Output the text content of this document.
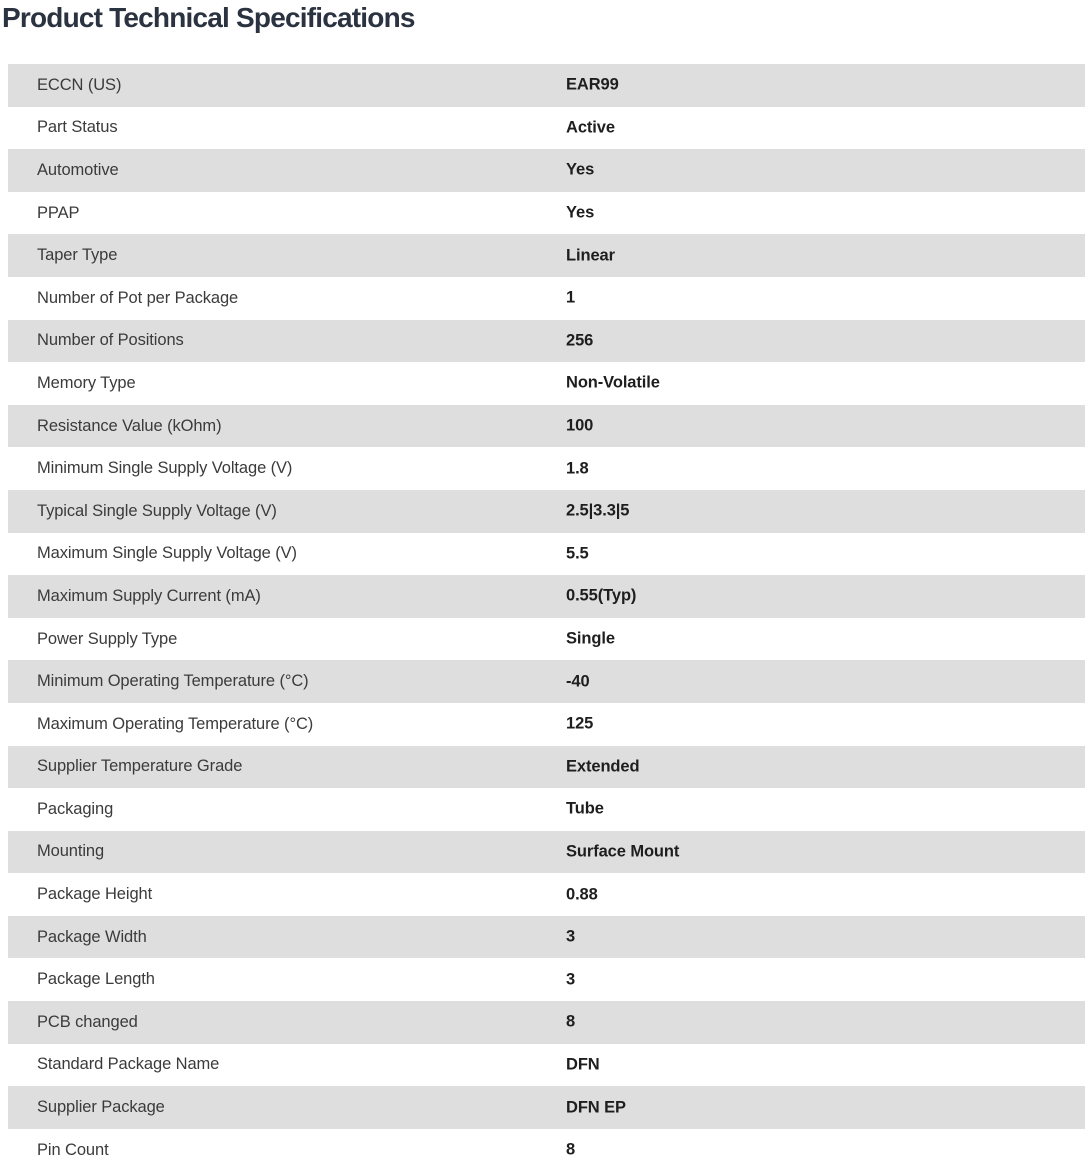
Product Technical Specifications
ECCN (US)	EAR99
Part Status	Active
Automotive	Yes
PPAP	Yes
Taper Type	Linear
Number of Pot per Package	1
Number of Positions	256
Memory Type	Non-Volatile
Resistance Value (kOhm)	100
Minimum Single Supply Voltage (V)	1.8
Typical Single Supply Voltage (V)	2.5|3.3|5
Maximum Single Supply Voltage (V)	5.5
Maximum Supply Current (mA)	0.55(Typ)
Power Supply Type	Single
Minimum Operating Temperature (°C)	-40
Maximum Operating Temperature (°C)	125
Supplier Temperature Grade	Extended
Packaging	Tube
Mounting	Surface Mount
Package Height	0.88
Package Width	3
Package Length	3
PCB changed	8
Standard Package Name	DFN
Supplier Package	DFN EP
Pin Count	8
